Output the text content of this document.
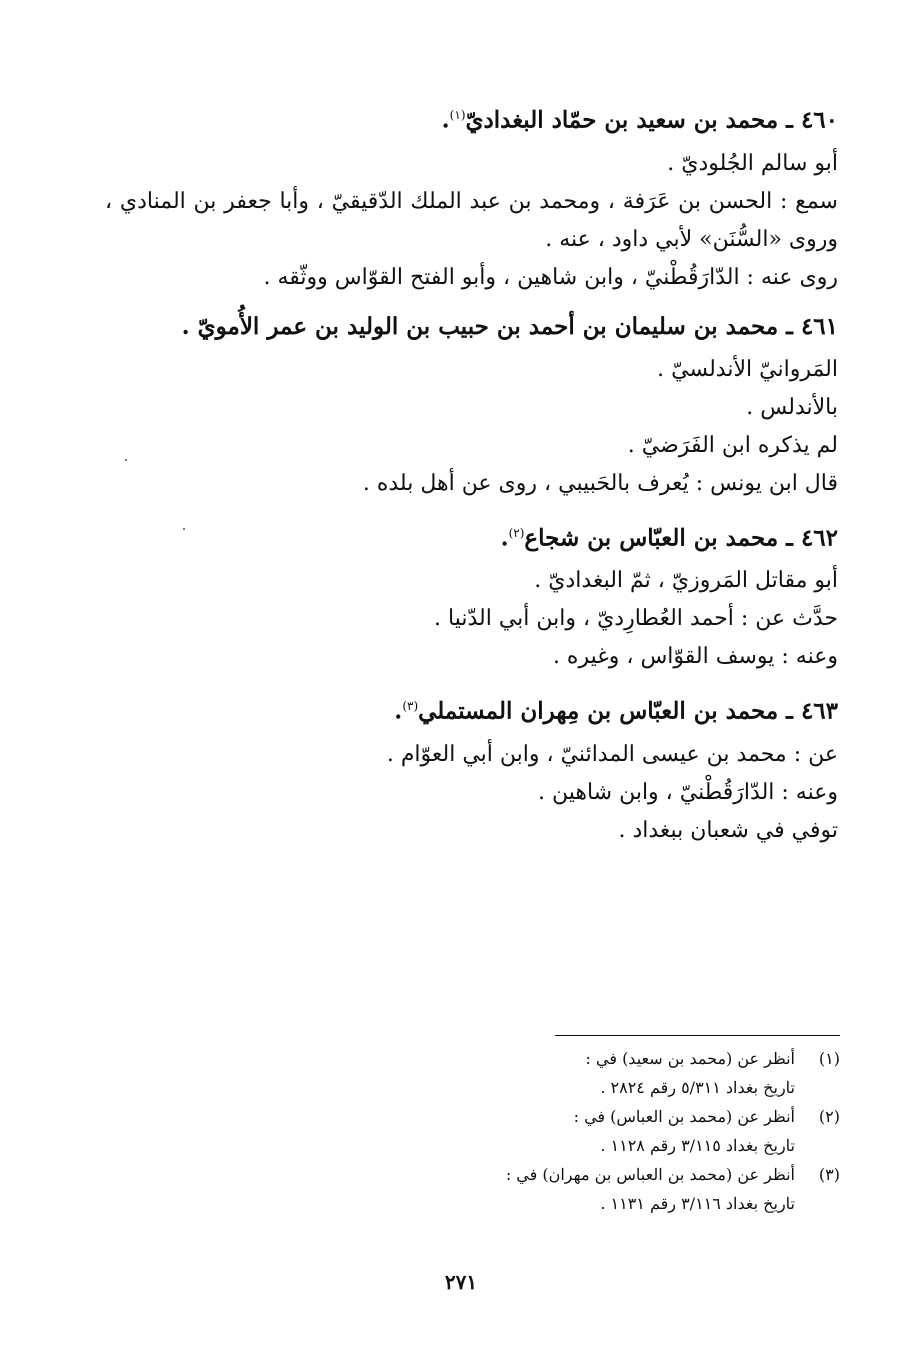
٤٦٠ ـ محمد بن سعيد بن حمّاد البغداديّ$^{(١)}$.

أبو سالم الجُلوديّ .

سمع : الحسن بن عَرَفة ، ومحمد بن عبد الملك الدّقيقيّ ، وأبا جعفر بن المنادي ، وروى «السُّنَن» لأبي داود ، عنه .

روى عنه : الدّارَقُطْنيّ ، وابن شاهين ، وأبو الفتح القوّاس ووثّقه .

٤٦١ ـ محمد بن سليمان بن أحمد بن حبيب بن الوليد بن عمر الأُمويّ .

المَروانيّ الأندلسيّ .

بالأندلس .

لم يذكره ابن الفَرَضيّ .

قال ابن يونس : يُعرف بالحَبيبي ، روى عن أهل بلده .

٤٦٢ ـ محمد بن العبّاس بن شجاع$^{(٢)}$.

أبو مقاتل المَروزيّ ، ثمّ البغداديّ .

حدَّث عن : أحمد العُطارِديّ ، وابن أبي الدّنيا .

وعنه : يوسف القوّاس ، وغيره .

٤٦٣ ـ محمد بن العبّاس بن مِهران المستملي$^{(٣)}$.

عن : محمد بن عيسى المدائنيّ ، وابن أبي العوّام .

وعنه : الدّارَقُطْنيّ ، وابن شاهين .

توفي في شعبان ببغداد .

(١)
أنظر عن (محمد بن سعيد) في :
تاريخ بغداد ٥/٣١١ رقم ٢٨٢٤ .
(٢)
أنظر عن (محمد بن العباس) في :
تاريخ بغداد ٣/١١٥ رقم ١١٢٨ .
(٣)
أنظر عن (محمد بن العباس بن مهران) في :
تاريخ بغداد ٣/١١٦ رقم ١١٣١ .
٢٧١
